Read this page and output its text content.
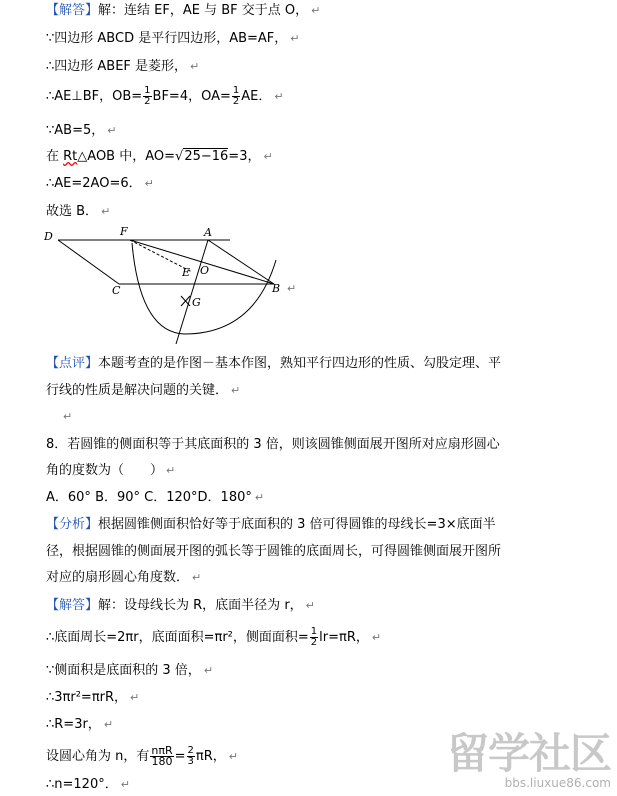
【解答】解：连结 EF，AE 与 BF 交于点 O， ↵
∵四边形 ABCD 是平行四边形，AB=AF， ↵
∴四边形 ABEF 是菱形， ↵
∴AE⊥BF，$OB= \frac{1}{2} BF=4$，$OA= \frac{1}{2}$ AE． ↵
∵AB=5， ↵
在 Rt△AOB 中，AO=√25−16=3， ↵
∴AE=2AO=6． ↵
故选 B． ↵
D	F	A
E O
C	B
G
↵
【点评】本题考查的是作图－基本作图，熟知平行四边形的性质、勾股定理、平
行线的性质是解决问题的关键． ↵
↵
8．若圆锥的侧面积等于其底面积的 3 倍，则该圆锥侧面展开图所对应扇形圆心
角的度数为（　　） ↵
A．60° B．90° C．120°D．180° ↵
【分析】根据圆锥侧面积恰好等于底面积的 3 倍可得圆锥的母线长=3×底面半
径，根据圆锥的侧面展开图的弧长等于圆锥的底面周长，可得圆锥侧面展开图所
对应的扇形圆心角度数． ↵
【解答】解：设母线长为 R，底面半径为 r， ↵
∴底面周长=2πr，底面面积=πr²，侧面面积= $\frac{1}{2} lr=\pi R$， ↵
∵侧面积是底面积的 3 倍， ↵
∴3πr²=πrR， ↵
∴R=3r， ↵
设圆心角为 n，有 $\frac{\text{nπR}}{180} = \frac{2}{3}$ πR， ↵
∴n=120°． ↵
留学社区
bbs.liuxue86.com
